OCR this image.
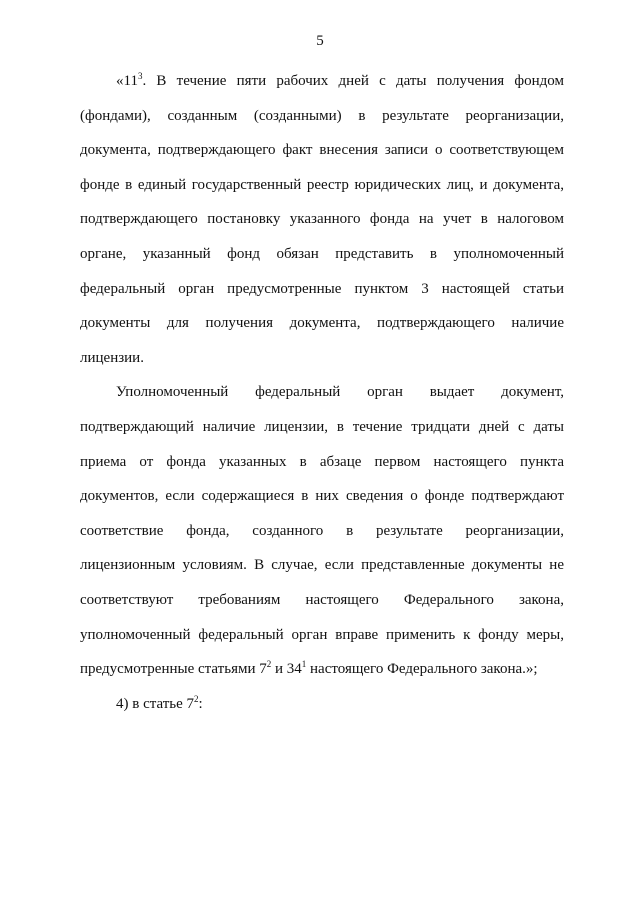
5

«$11^3$. В течение пяти рабочих дней с даты получения фондом (фондами), созданным (созданными) в результате реорганизации, документа, подтверждающего факт внесения записи о соответствующем фонде в единый государственный реестр юридических лиц, и документа, подтверждающего постановку указанного фонда на учет в налоговом органе, указанный фонд обязан представить в уполномоченный федеральный орган предусмотренные пунктом 3 настоящей статьи документы для получения документа, подтверждающего наличие лицензии.

Уполномоченный федеральный орган выдает документ, подтверждающий наличие лицензии, в течение тридцати дней с даты приема от фонда указанных в абзаце первом настоящего пункта документов, если содержащиеся в них сведения о фонде подтверждают соответствие фонда, созданного в результате реорганизации, лицензионным условиям. В случае, если представленные документы не соответствуют требованиям настоящего Федерального закона, уполномоченный федеральный орган вправе применить к фонду меры, предусмотренные статьями $7^2$ и $34^1$ настоящего Федерального закона.»;

4) в статье $7^2$:
